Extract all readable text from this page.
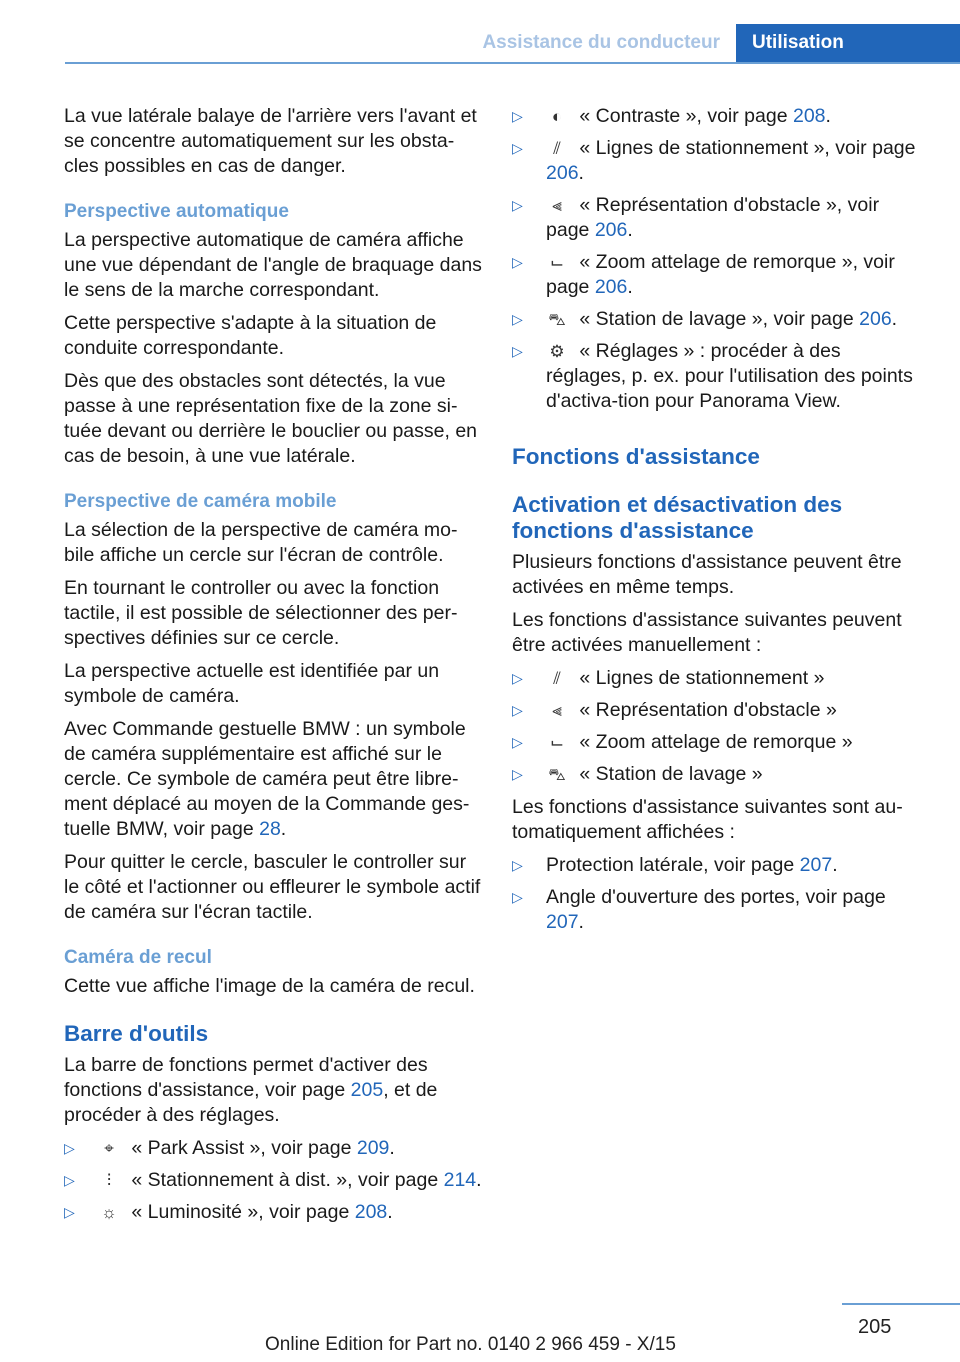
Assistance du conducteur	Utilisation

La vue latérale balaye de l'arrière vers l'avant et se concentre automatiquement sur les obsta-cles possibles en cas de danger.

Perspective automatique

La perspective automatique de caméra affiche une vue dépendant de l'angle de braquage dans le sens de la marche correspondant.

Cette perspective s'adapte à la situation de conduite correspondante.

Dès que des obstacles sont détectés, la vue passe à une représentation fixe de la zone si-tuée devant ou derrière le bouclier ou passe, en cas de besoin, à une vue latérale.

Perspective de caméra mobile

La sélection de la perspective de caméra mo-bile affiche un cercle sur l'écran de contrôle.

En tournant le controller ou avec la fonction tactile, il est possible de sélectionner des per-spectives définies sur ce cercle.

La perspective actuelle est identifiée par un symbole de caméra.

Avec Commande gestuelle BMW : un symbole de caméra supplémentaire est affiché sur le cercle. Ce symbole de caméra peut être libre-ment déplacé au moyen de la Commande ges-tuelle BMW, voir page 28.

Pour quitter le cercle, basculer le controller sur le côté et l'actionner ou effleurer le symbole actif de caméra sur l'écran tactile.

Caméra de recul

Cette vue affiche l'image de la caméra de recul.

Barre d'outils

La barre de fonctions permet d'activer des fonctions d'assistance, voir page 205, et de procéder à des réglages.

▷ ⌖ « Park Assist », voir page 209.
▷ ⫶ « Stationnement à dist. », voir page 214.
▷ ☼ « Luminosité », voir page 208.
▷ ◐ « Contraste », voir page 208.
▷ ⫽ « Lignes de stationnement », voir page 206.
▷ ⫷ « Représentation d'obstacle », voir page 206.
▷ ⌙ « Zoom attelage de remorque », voir page 206.
▷ ⛍ « Station de lavage », voir page 206.
▷ ⚙ « Réglages » : procéder à des réglages, p. ex. pour l'utilisation des points d'activa-tion pour Panorama View.
Fonctions d'assistance
Activation et désactivation des fonctions d'assistance

Plusieurs fonctions d'assistance peuvent être activées en même temps.

Les fonctions d'assistance suivantes peuvent être activées manuellement :

▷ ⫽ « Lignes de stationnement »
▷ ⫷ « Représentation d'obstacle »
▷ ⌙ « Zoom attelage de remorque »
▷ ⛍ « Station de lavage »

Les fonctions d'assistance suivantes sont au-tomatiquement affichées :

▷ Protection latérale, voir page 207.
▷ Angle d'ouverture des portes, voir page 207.
205
Online Edition for Part no. 0140 2 966 459 - X/15
